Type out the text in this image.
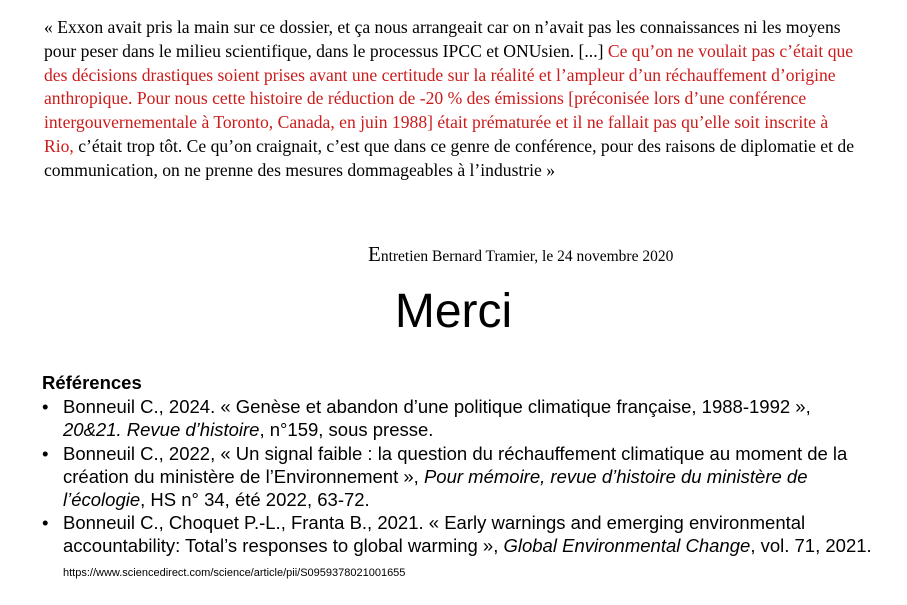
« Exxon avait pris la main sur ce dossier, et ça nous arrangeait car on n’avait pas les connaissances ni les moyens pour peser dans le milieu scientifique, dans le processus IPCC et ONUsien. [...] Ce qu’on ne voulait pas c’était que des décisions drastiques soient prises avant une certitude sur la réalité et l’ampleur d’un réchauffement d’origine anthropique. Pour nous cette histoire de réduction de -20 % des émissions [préconisée lors d’une conférence intergouvernementale à Toronto, Canada, en juin 1988] était prématurée et il ne fallait pas qu’elle soit inscrite à Rio, c’était trop tôt. Ce qu’on craignait, c’est que dans ce genre de conférence, pour des raisons de diplomatie et de communication, on ne prenne des mesures dommageables à l’industrie »
Entretien Bernard Tramier, le 24 novembre 2020
Merci
Références
• Bonneuil C., 2024. « Genèse et abandon d’une politique climatique française, 1988-1992 », 20&21. Revue d’histoire, n°159, sous presse.
• Bonneuil C., 2022, « Un signal faible : la question du réchauffement climatique au moment de la création du ministère de l’Environnement », Pour mémoire, revue d’histoire du ministère de l’écologie, HS n° 34, été 2022, 63-72.
• Bonneuil C., Choquet P.-L., Franta B., 2021. « Early warnings and emerging environmental accountability: Total’s responses to global warming », Global Environmental Change, vol. 71, 2021. https://www.sciencedirect.com/science/article/pii/S0959378021001655
